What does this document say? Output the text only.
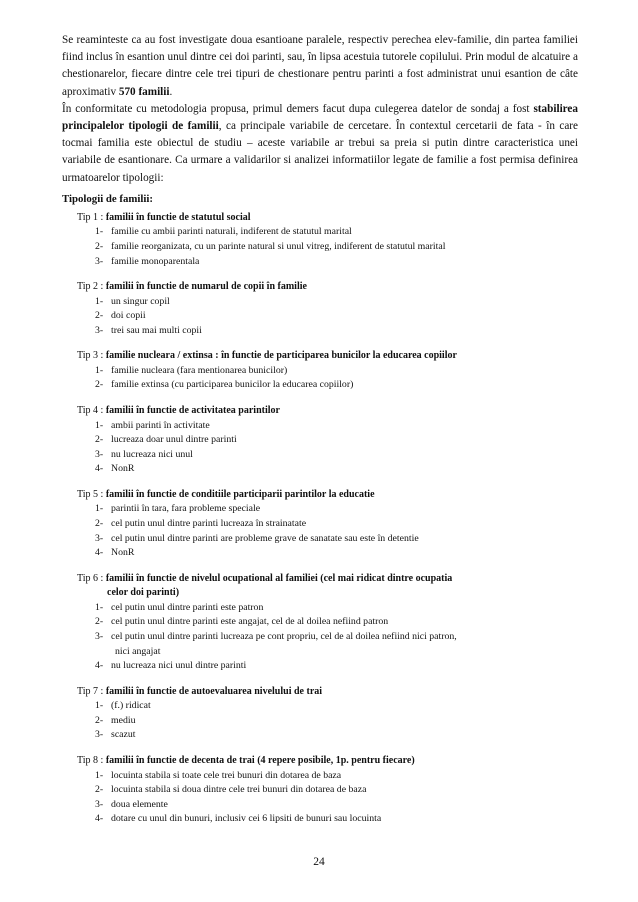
Se reaminteste ca au fost investigate doua esantioane paralele, respectiv perechea elev-familie, din partea familiei fiind inclus în esantion unul dintre cei doi parinti, sau, în lipsa acestuia tutorele copilului. Prin modul de alcatuire a chestionarelor, fiecare dintre cele trei tipuri de chestionare pentru parinti a fost administrat unui esantion de câte aproximativ 570 familii.

În conformitate cu metodologia propusa, primul demers facut dupa culegerea datelor de sondaj a fost stabilirea principalelor tipologii de familii, ca principale variabile de cercetare. În contextul cercetarii de fata - în care tocmai familia este obiectul de studiu – aceste variabile ar trebui sa preia si putin dintre caracteristica unei variabile de esantionare. Ca urmare a validarilor si analizei informatiilor legate de familie a fost permisa definirea urmatoarelor tipologii:

Tipologii de familii:
Tip 1 : familii în functie de statutul social
1- familie cu ambii parinti naturali, indiferent de statutul marital
2- familie reorganizata, cu un parinte natural si unul vitreg, indiferent de statutul marital
3- familie monoparentala
Tip 2 : familii în functie de numarul de copii în familie
1- un singur copil
2- doi copii
3- trei sau mai multi copii
Tip 3 : familie nucleara / extinsa : în functie de participarea bunicilor la educarea copiilor
1- familie nucleara (fara mentionarea bunicilor)
2- familie extinsa (cu participarea bunicilor la educarea copiilor)
Tip 4 : familii în functie de activitatea parintilor
1- ambii parinti în activitate
2- lucreaza doar unul dintre parinti
3- nu lucreaza nici unul
4- NonR
Tip 5 : familii în functie de conditiile participarii parintilor la educatie
1- parintii în tara, fara probleme speciale
2- cel putin unul dintre parinti lucreaza în strainatate
3- cel putin unul dintre parinti are probleme grave de sanatate sau este în detentie
4- NonR
Tip 6 : familii în functie de nivelul ocupational al familiei (cel mai ridicat dintre ocupatia
celor doi parinti)
1- cel putin unul dintre parinti este patron
2- cel putin unul dintre parinti este angajat, cel de al doilea nefiind patron
3- cel putin unul dintre parinti lucreaza pe cont propriu, cel de al doilea nefiind nici patron,
nici angajat
4- nu lucreaza nici unul dintre parinti
Tip 7 : familii în functie de autoevaluarea nivelului de trai
1- (f.) ridicat
2- mediu
3- scazut
Tip 8 : familii în functie de decenta de trai (4 repere posibile, 1p. pentru fiecare)
1- locuinta stabila si toate cele trei bunuri din dotarea de baza
2- locuinta stabila si doua dintre cele trei bunuri din dotarea de baza
3- doua elemente
4- dotare cu unul din bunuri, inclusiv cei 6 lipsiti de bunuri sau locuinta
24
